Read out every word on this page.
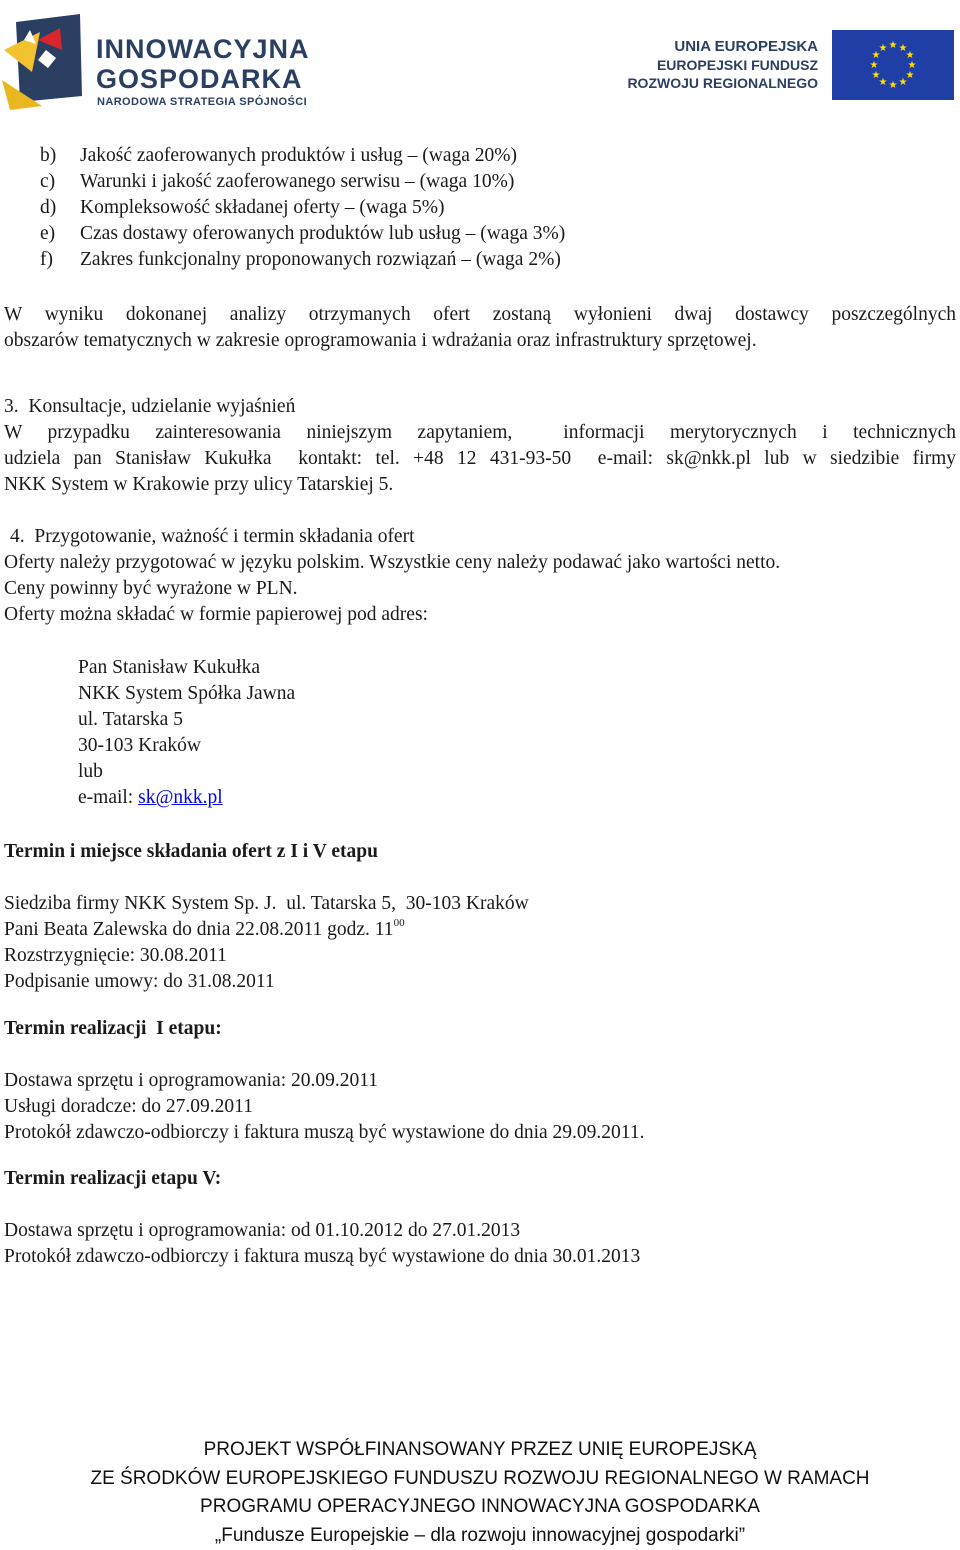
INNOWACYJNA
GOSPODARKA
NARODOWA STRATEGIA SPÓJNOŚCI
UNIA EUROPEJSKA
EUROPEJSKI FUNDUSZ
ROZWOJU REGIONALNEGO
★ ★
★
★
★
★
★
★
★
★
★
★
b) Jakość zaoferowanych produktów i usług – (waga 20%)
c) Warunki i jakość zaoferowanego serwisu – (waga 10%)
d) Kompleksowość składanej oferty – (waga 5%)
e) Czas dostawy oferowanych produktów lub usług – (waga 3%)
f) Zakres funkcjonalny proponowanych rozwiązań – (waga 2%)
W wyniku dokonanej analizy otrzymanych ofert zostaną wyłonieni dwaj dostawcy poszczególnych
obszarów tematycznych w zakresie oprogramowania i wdrażania oraz infrastruktury sprzętowej.
3.  Konsultacje, udzielanie wyjaśnień
W przypadku zainteresowania niniejszym zapytaniem,  informacji merytorycznych i technicznych
udziela pan Stanisław Kukułka  kontakt: tel. +48 12 431-93-50  e-mail: sk@nkk.pl lub w siedzibie firmy
NKK System w Krakowie przy ulicy Tatarskiej 5.
4.  Przygotowanie, ważność i termin składania ofert
Oferty należy przygotować w języku polskim. Wszystkie ceny należy podawać jako wartości netto.
Ceny powinny być wyrażone w PLN.
Oferty można składać w formie papierowej pod adres:
Pan Stanisław Kukułka
NKK System Spółka Jawna
ul. Tatarska 5
30-103 Kraków
lub
e-mail: sk@nkk.pl
Termin i miejsce składania ofert z I i V etapu
Siedziba firmy NKK System Sp. J.  ul. Tatarska 5,  30-103 Kraków
Pani Beata Zalewska do dnia 22.08.2011 godz. $11^{00}$
Rozstrzygnięcie: 30.08.2011
Podpisanie umowy: do 31.08.2011
Termin realizacji  I etapu:
Dostawa sprzętu i oprogramowania: 20.09.2011
Usługi doradcze: do 27.09.2011
Protokół zdawczo-odbiorczy i faktura muszą być wystawione do dnia 29.09.2011.
Termin realizacji etapu V:
Dostawa sprzętu i oprogramowania: od 01.10.2012 do 27.01.2013
Protokół zdawczo-odbiorczy i faktura muszą być wystawione do dnia 30.01.2013
PROJEKT WSPÓŁFINANSOWANY PRZEZ UNIĘ EUROPEJSKĄ
ZE ŚRODKÓW EUROPEJSKIEGO FUNDUSZU ROZWOJU REGIONALNEGO W RAMACH
PROGRAMU OPERACYJNEGO INNOWACYJNA GOSPODARKA
„Fundusze Europejskie – dla rozwoju innowacyjnej gospodarki”
